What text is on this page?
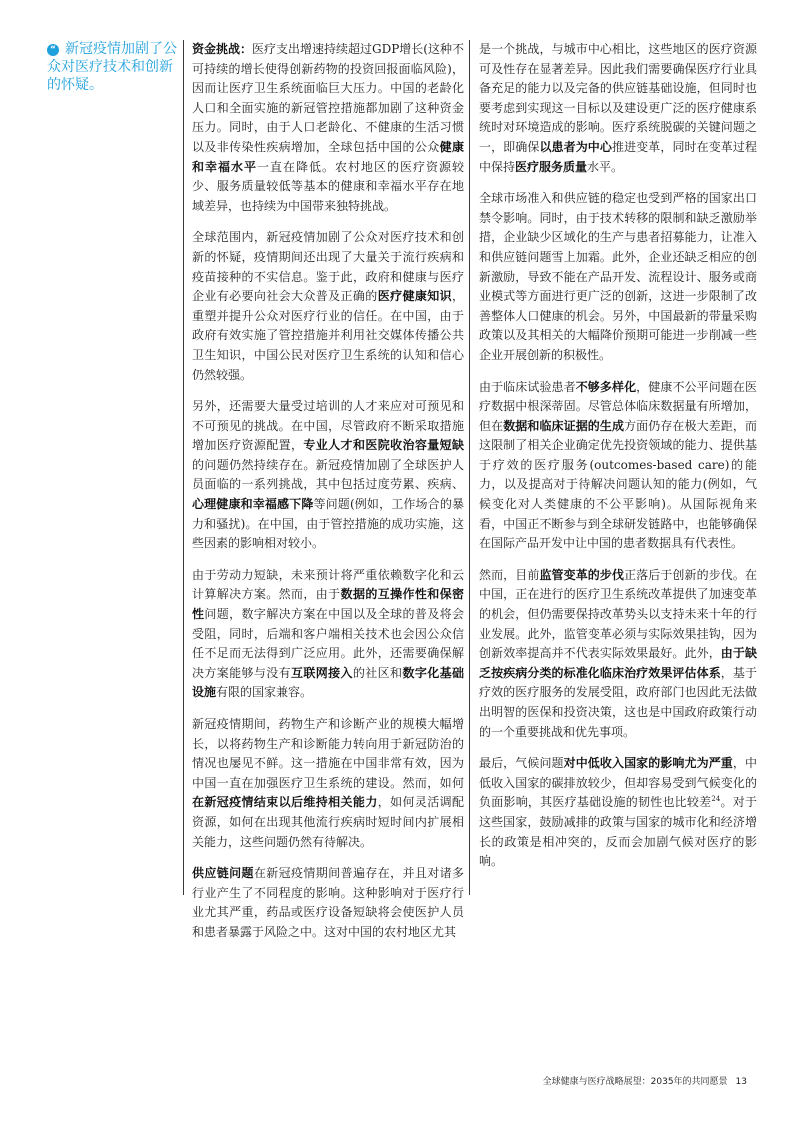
“ 新冠疫情加剧了公众对医疗技术和创新的怀疑。

资金挑战：医疗支出增速持续超过GDP增长(这种不可持续的增长使得创新药物的投资回报面临风险)，因而让医疗卫生系统面临巨大压力。中国的老龄化人口和全面实施的新冠管控措施都加剧了这种资金压力。同时，由于人口老龄化、不健康的生活习惯以及非传染性疾病增加，全球包括中国的公众健康和幸福水平一直在降低。农村地区的医疗资源较少、服务质量较低等基本的健康和幸福水平存在地域差异，也持续为中国带来独特挑战。

全球范围内，新冠疫情加剧了公众对医疗技术和创新的怀疑，疫情期间还出现了大量关于流行疾病和疫苗接种的不实信息。鉴于此，政府和健康与医疗企业有必要向社会大众普及正确的医疗健康知识，重塑并提升公众对医疗行业的信任。在中国，由于政府有效实施了管控措施并利用社交媒体传播公共卫生知识，中国公民对医疗卫生系统的认知和信心仍然较强。

另外，还需要大量受过培训的人才来应对可预见和不可预见的挑战。在中国，尽管政府不断采取措施增加医疗资源配置，专业人才和医院收治容量短缺的问题仍然持续存在。新冠疫情加剧了全球医护人员面临的一系列挑战，其中包括过度劳累、疾病、心理健康和幸福感下降等问题(例如，工作场合的暴力和骚扰)。在中国，由于管控措施的成功实施，这些因素的影响相对较小。

由于劳动力短缺，未来预计将严重依赖数字化和云计算解决方案。然而，由于数据的互操作性和保密性问题，数字解决方案在中国以及全球的普及将会受阻，同时，后端和客户端相关技术也会因公众信任不足而无法得到广泛应用。此外，还需要确保解决方案能够与没有互联网接入的社区和数字化基础设施有限的国家兼容。

新冠疫情期间，药物生产和诊断产业的规模大幅增长，以将药物生产和诊断能力转向用于新冠防治的情况也屡见不鲜。这一措施在中国非常有效，因为中国一直在加强医疗卫生系统的建设。然而，如何在新冠疫情结束以后维持相关能力，如何灵活调配资源，如何在出现其他流行疾病时短时间内扩展相关能力，这些问题仍然有待解决。

供应链问题在新冠疫情期间普遍存在，并且对诸多行业产生了不同程度的影响。这种影响对于医疗行业尤其严重，药品或医疗设备短缺将会使医护人员和患者暴露于风险之中。这对中国的农村地区尤其

是一个挑战，与城市中心相比，这些地区的医疗资源可及性存在显著差异。因此我们需要确保医疗行业具备充足的能力以及完备的供应链基础设施，但同时也要考虑到实现这一目标以及建设更广泛的医疗健康系统时对环境造成的影响。医疗系统脱碳的关键问题之一，即确保以患者为中心推进变革，同时在变革过程中保持医疗服务质量水平。

全球市场准入和供应链的稳定也受到严格的国家出口禁令影响。同时，由于技术转移的限制和缺乏激励举措，企业缺少区域化的生产与患者招募能力，让准入和供应链问题雪上加霜。此外，企业还缺乏相应的创新激励，导致不能在产品开发、流程设计、服务或商业模式等方面进行更广泛的创新，这进一步限制了改善整体人口健康的机会。另外，中国最新的带量采购政策以及其相关的大幅降价预期可能进一步削减一些企业开展创新的积极性。

由于临床试验患者不够多样化，健康不公平问题在医疗数据中根深蒂固。尽管总体临床数据量有所增加，但在数据和临床证据的生成方面仍存在极大差距，而这限制了相关企业确定优先投资领域的能力、提供基于疗效的医疗服务(outcomes-based care)的能力，以及提高对于待解决问题认知的能力(例如，气候变化对人类健康的不公平影响)。从国际视角来看，中国正不断参与到全球研发链路中，也能够确保在国际产品开发中让中国的患者数据具有代表性。

然而，目前监管变革的步伐正落后于创新的步伐。在中国，正在进行的医疗卫生系统改革提供了加速变革的机会，但仍需要保持改革势头以支持未来十年的行业发展。此外，监管变革必须与实际效果挂钩，因为创新效率提高并不代表实际效果最好。此外，由于缺乏按疾病分类的标准化临床治疗效果评估体系，基于疗效的医疗服务的发展受阻，政府部门也因此无法做出明智的医保和投资决策，这也是中国政府政策行动的一个重要挑战和优先事项。

最后，气候问题对中低收入国家的影响尤为严重，中低收入国家的碳排放较少，但却容易受到气候变化的负面影响，其医疗基础设施的韧性也比较差$^{24}$。对于这些国家，鼓励减排的政策与国家的城市化和经济增长的政策是相冲突的，反而会加剧气候对医疗的影响。

全球健康与医疗战略展望：2035年的共同愿景 13
